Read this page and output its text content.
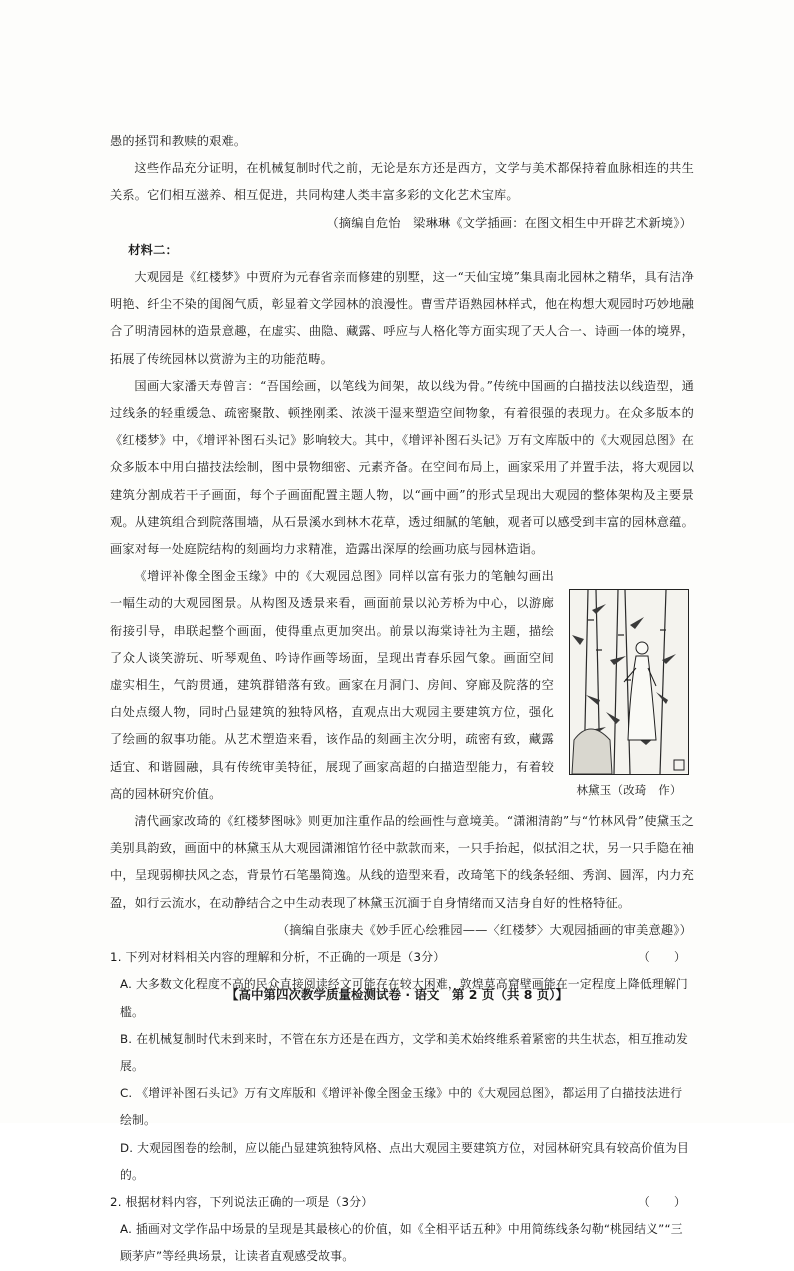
愚的拯罚和教赎的艰难。

这些作品充分证明，在机械复制时代之前，无论是东方还是西方，文学与美术都保持着血脉相连的共生关系。它们相互滋养、相互促进，共同构建人类丰富多彩的文化艺术宝库。

（摘编自危怡　梁琳琳《文学插画：在图文相生中开辟艺术新境》）

材料二：

大观园是《红楼梦》中贾府为元春省亲而修建的别墅，这一“天仙宝境”集具南北园林之精华，具有洁净明艳、纤尘不染的闺阁气质，彰显着文学园林的浪漫性。曹雪芹语熟园林样式，他在构想大观园时巧妙地融合了明清园林的造景意趣，在虚实、曲隐、藏露、呼应与人格化等方面实现了天人合一、诗画一体的境界，拓展了传统园林以赏游为主的功能范畴。

国画大家潘天寿曾言：“吾国绘画，以笔线为间架，故以线为骨。”传统中国画的白描技法以线造型，通过线条的轻重缓急、疏密聚散、顿挫刚柔、浓淡干湿来塑造空间物象，有着很强的表现力。在众多版本的《红楼梦》中，《增评补图石头记》影响较大。其中，《增评补图石头记》万有文库版中的《大观园总图》在众多版本中用白描技法绘制，图中景物细密、元素齐备。在空间布局上，画家采用了并置手法，将大观园以建筑分割成若干子画面，每个子画面配置主题人物，以“画中画”的形式呈现出大观园的整体架构及主要景观。从建筑组合到院落围墙，从石景溪水到林木花草，透过细腻的笔触，观者可以感受到丰富的园林意蕴。画家对每一处庭院结构的刻画均力求精准，造露出深厚的绘画功底与园林造诣。

林黛玉（改琦　作）

《增评补像全图金玉缘》中的《大观园总图》同样以富有张力的笔触勾画出一幅生动的大观园图景。从构图及透景来看，画面前景以沁芳桥为中心，以游廊衔接引导，串联起整个画面，使得重点更加突出。前景以海棠诗社为主题，描绘了众人谈笑游玩、听琴观鱼、吟诗作画等场面，呈现出青春乐园气象。画面空间虚实相生，气韵贯通，建筑群错落有致。画家在月洞门、房间、穿廊及院落的空白处点缀人物，同时凸显建筑的独特风格，直观点出大观园主要建筑方位，强化了绘画的叙事功能。从艺术塑造来看，该作品的刻画主次分明，疏密有致，藏露适宜、和谐圆融，具有传统审美特征，展现了画家高超的白描造型能力，有着较高的园林研究价值。

清代画家改琦的《红楼梦图咏》则更加注重作品的绘画性与意境美。“潇湘清韵”与“竹林风骨”使黛玉之美别具韵致，画面中的林黛玉从大观园潇湘馆竹径中款款而来，一只手抬起，似拭泪之状，另一只手隐在袖中，呈现弱柳扶风之态，背景竹石笔墨简逸。从线的造型来看，改琦笔下的线条轻细、秀润、圆浑，内力充盈，如行云流水，在动静结合之中生动表现了林黛玉沉湎于自身情绪而又洁身自好的性格特征。

（摘编自张康夫《妙手匠心绘雅园——〈红楼梦〉大观园插画的审美意趣》）

1. 下列对材料相关内容的理解和分析，不正确的一项是（3分）	（　　）

A. 大多数文化程度不高的民众直接阅读经文可能存在较大困难，敦煌莫高窟壁画能在一定程度上降低理解门槛。

B. 在机械复制时代未到来时，不管在东方还是在西方，文学和美术始终维系着紧密的共生状态，相互推动发展。

C. 《增评补图石头记》万有文库版和《增评补像全图金玉缘》中的《大观园总图》，都运用了白描技法进行绘制。

D. 大观园图卷的绘制，应以能凸显建筑独特风格、点出大观园主要建筑方位，对园林研究具有较高价值为目的。

2. 根据材料内容，下列说法正确的一项是（3分）	（　　）

A. 插画对文学作品中场景的呈现是其最核心的价值，如《全相平话五种》中用简练线条勾勒“桃园结义”“三顾茅庐”等经典场景，让读者直观感受故事。

【高中第四次教学质量检测试卷 · 语文　第 2 页（共 8 页）】
